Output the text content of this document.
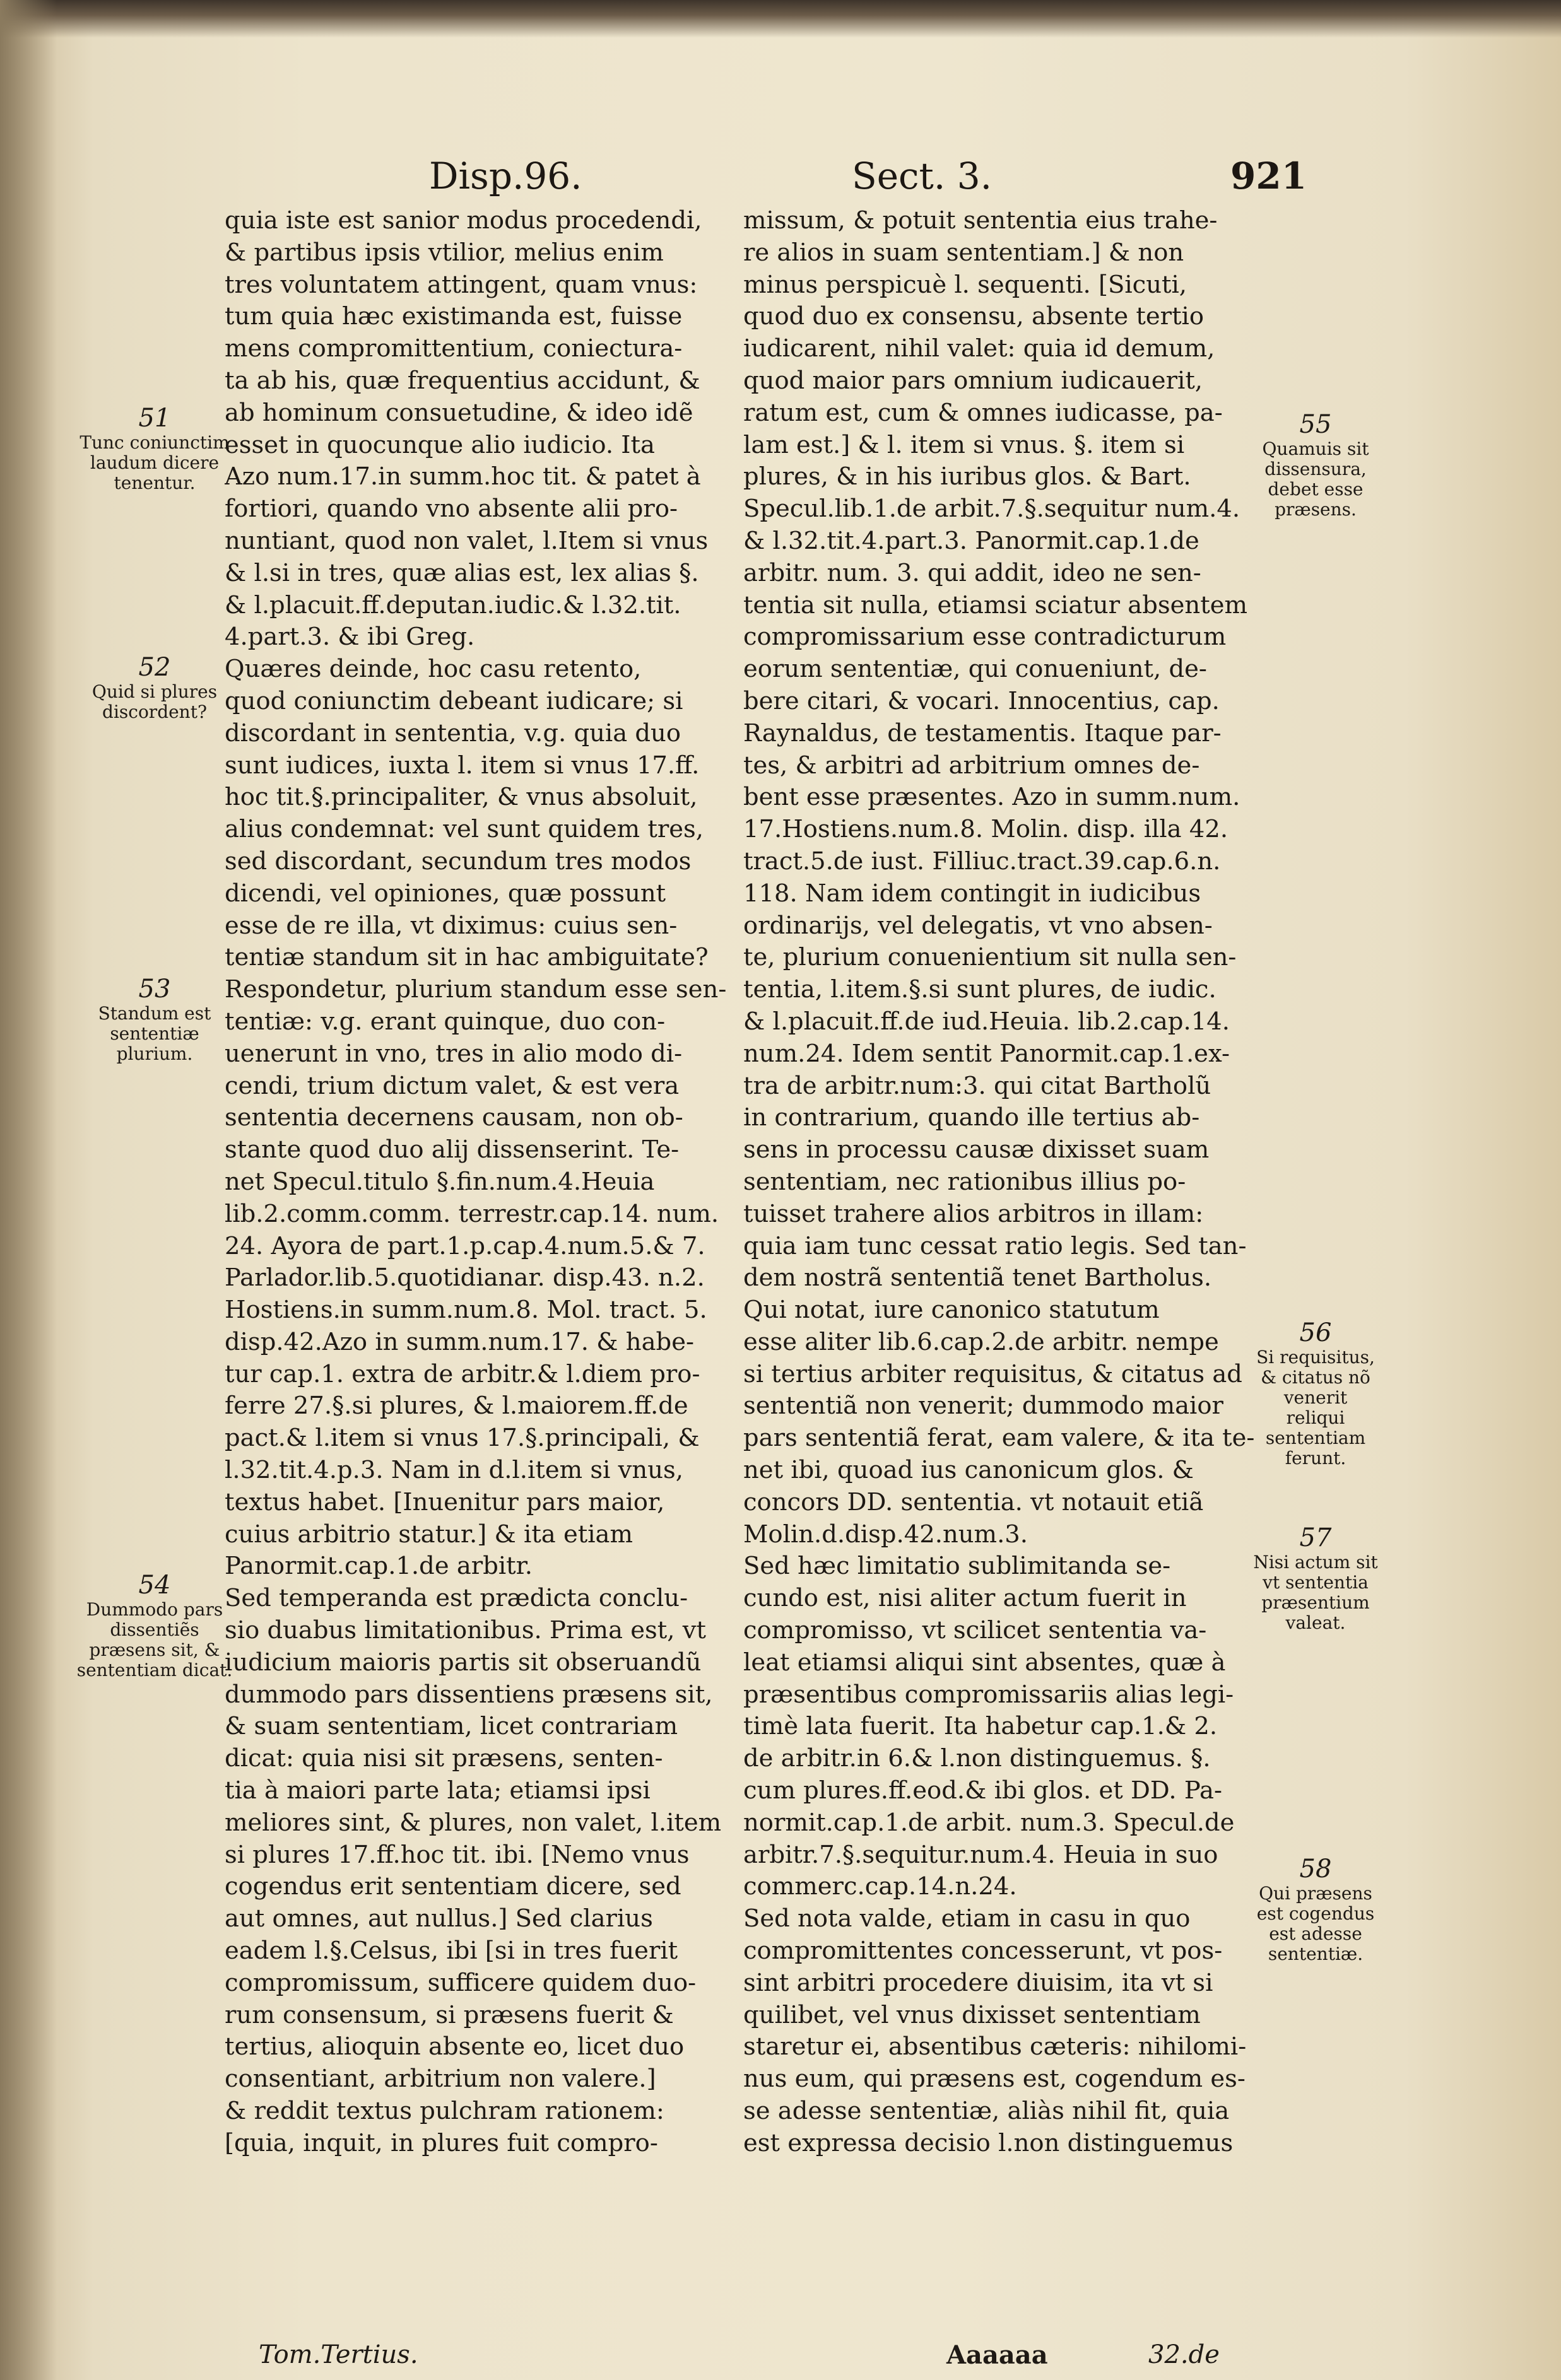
Disp.96.	Sect. 3.	921
quia iste est sanior modus procedendi,
& partibus ipsis vtilior, melius enim
tres voluntatem attingent, quam vnus:
tum quia hæc existimanda est, fuisse
mens compromittentium, coniectura-
ta ab his, quæ frequentius accidunt, &
ab hominum consuetudine, & ideo idẽ
esset in quocunque alio iudicio. Ita
Azo num.17.in summ.hoc tit. & patet à
fortiori, quando vno absente alii pro-
nuntiant, quod non valet, l.Item si vnus
& l.si in tres, quæ alias est, lex alias §.
& l.placuit.ff.deputan.iudic.& l.32.tit.
4.part.3. & ibi Greg.
Quæres deinde, hoc casu retento,
quod coniunctim debeant iudicare; si
discordant in sententia, v.g. quia duo
sunt iudices, iuxta l. item si vnus 17.ff.
hoc tit.§.principaliter, & vnus absoluit,
alius condemnat: vel sunt quidem tres,
sed discordant, secundum tres modos
dicendi, vel opiniones, quæ possunt
esse de re illa, vt diximus: cuius sen-
tentiæ standum sit in hac ambiguitate?
Respondetur, plurium standum esse sen-
tentiæ: v.g. erant quinque, duo con-
uenerunt in vno, tres in alio modo di-
cendi, trium dictum valet, & est vera
sententia decernens causam, non ob-
stante quod duo alij dissenserint. Te-
net Specul.titulo §.fin.num.4.Heuia
lib.2.comm.comm. terrestr.cap.14. num.
24. Ayora de part.1.p.cap.4.num.5.& 7.
Parlador.lib.5.quotidianar. disp.43. n.2.
Hostiens.in summ.num.8. Mol. tract. 5.
disp.42.Azo in summ.num.17. & habe-
tur cap.1. extra de arbitr.& l.diem pro-
ferre 27.§.si plures, & l.maiorem.ff.de
pact.& l.item si vnus 17.§.principali, &
l.32.tit.4.p.3. Nam in d.l.item si vnus,
textus habet. [Inuenitur pars maior,
cuius arbitrio statur.] & ita etiam
Panormit.cap.1.de arbitr.
Sed temperanda est prædicta conclu-
sio duabus limitationibus. Prima est, vt
iudicium maioris partis sit obseruandũ
dummodo pars dissentiens præsens sit,
& suam sententiam, licet contrariam
dicat: quia nisi sit præsens, senten-
tia à maiori parte lata; etiamsi ipsi
meliores sint, & plures, non valet, l.item
si plures 17.ff.hoc tit. ibi. [Nemo vnus
cogendus erit sententiam dicere, sed
aut omnes, aut nullus.] Sed clarius
eadem l.§.Celsus, ibi [si in tres fuerit
compromissum, sufficere quidem duo-
rum consensum, si præsens fuerit &
tertius, alioquin absente eo, licet duo
consentiant, arbitrium non valere.]
& reddit textus pulchram rationem:
[quia, inquit, in plures fuit compro-
missum, & potuit sententia eius trahe-
re alios in suam sententiam.] & non
minus perspicuè l. sequenti. [Sicuti,
quod duo ex consensu, absente tertio
iudicarent, nihil valet: quia id demum,
quod maior pars omnium iudicauerit,
ratum est, cum & omnes iudicasse, pa-
lam est.] & l. item si vnus. §. item si
plures, & in his iuribus glos. & Bart.
Specul.lib.1.de arbit.7.§.sequitur num.4.
& l.32.tit.4.part.3. Panormit.cap.1.de
arbitr. num. 3. qui addit, ideo ne sen-
tentia sit nulla, etiamsi sciatur absentem
compromissarium esse contradicturum
eorum sententiæ, qui conueniunt, de-
bere citari, & vocari. Innocentius, cap.
Raynaldus, de testamentis. Itaque par-
tes, & arbitri ad arbitrium omnes de-
bent esse præsentes. Azo in summ.num.
17.Hostiens.num.8. Molin. disp. illa 42.
tract.5.de iust. Filliuc.tract.39.cap.6.n.
118. Nam idem contingit in iudicibus
ordinarijs, vel delegatis, vt vno absen-
te, plurium conuenientium sit nulla sen-
tentia, l.item.§.si sunt plures, de iudic.
& l.placuit.ff.de iud.Heuia. lib.2.cap.14.
num.24. Idem sentit Panormit.cap.1.ex-
tra de arbitr.num:3. qui citat Bartholũ
in contrarium, quando ille tertius ab-
sens in processu causæ dixisset suam
sententiam, nec rationibus illius po-
tuisset trahere alios arbitros in illam:
quia iam tunc cessat ratio legis. Sed tan-
dem nostrã sententiã tenet Bartholus.
Qui notat, iure canonico statutum
esse aliter lib.6.cap.2.de arbitr. nempe
si tertius arbiter requisitus, & citatus ad
sententiã non venerit; dummodo maior
pars sententiã ferat, eam valere, & ita te-
net ibi, quoad ius canonicum glos. &
concors DD. sententia. vt notauit etiã
Molin.d.disp.42.num.3.
Sed hæc limitatio sublimitanda se-
cundo est, nisi aliter actum fuerit in
compromisso, vt scilicet sententia va-
leat etiamsi aliqui sint absentes, quæ à
præsentibus compromissariis alias legi-
timè lata fuerit. Ita habetur cap.1.& 2.
de arbitr.in 6.& l.non distinguemus. §.
cum plures.ff.eod.& ibi glos. et DD. Pa-
normit.cap.1.de arbit. num.3. Specul.de
arbitr.7.§.sequitur.num.4. Heuia in suo
commerc.cap.14.n.24.
Sed nota valde, etiam in casu in quo
compromittentes concesserunt, vt pos-
sint arbitri procedere diuisim, ita vt si
quilibet, vel vnus dixisset sententiam
staretur ei, absentibus cæteris: nihilomi-
nus eum, qui præsens est, cogendum es-
se adesse sententiæ, aliàs nihil fit, quia
est expressa decisio l.non distinguemus
51
Tunc coniunctim laudum dicere tenentur.
52
Quid si plures discordent?
53
Standum est sententiæ plurium.
54
Dummodo pars dissentiẽs præsens sit, & sententiam dicat.
55
Quamuis sit dissensura, debet esse præsens.
56
Si requisitus, & citatus nõ venerit reliqui sententiam ferunt.
57
Nisi actum sit vt sententia præsentium valeat.
58
Qui præsens est cogendus est adesse sententiæ.
Tom.Tertius.	Aaaaaa	32.de
